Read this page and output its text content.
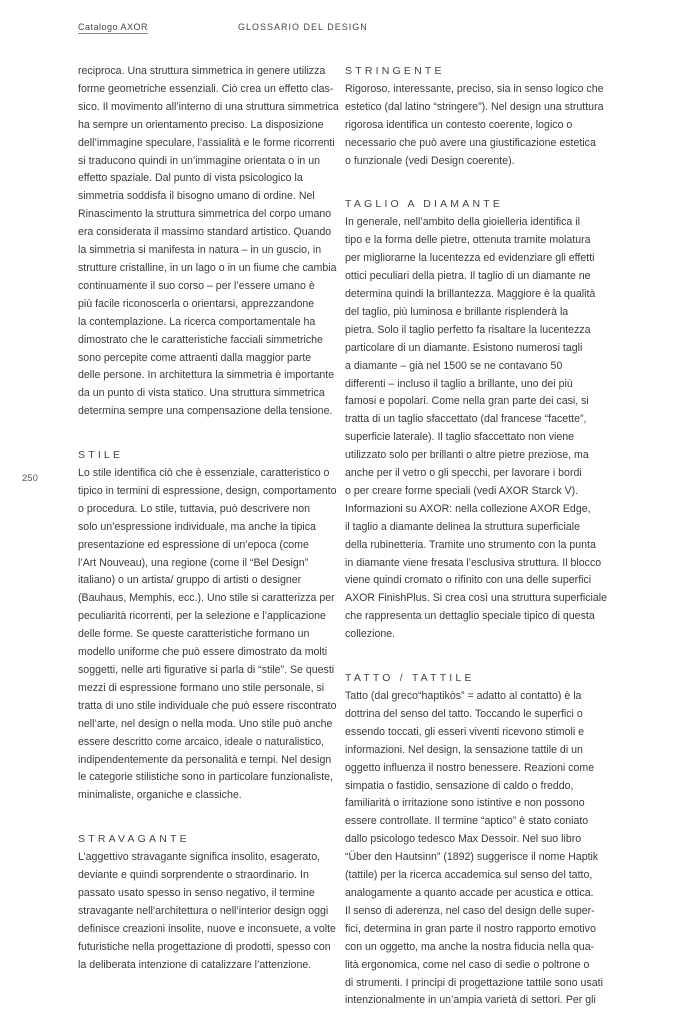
Catalogo AXOR	GLOSSARIO DEL DESIGN
250
reciproca. Una struttura simmetrica in genere utilizza
forme geometriche essenziali. Ciò crea un effetto clas-
sico. Il movimento all’interno di una struttura simmetrica
ha sempre un orientamento preciso. La disposizione
dell’immagine speculare, l’assialità e le forme ricorrenti
si traducono quindi in un’immagine orientata o in un
effetto spaziale. Dal punto di vista psicologico la
simmetria soddisfa il bisogno umano di ordine. Nel
Rinascimento la struttura simmetrica del corpo umano
era considerata il massimo standard artistico. Quando
la simmetria si manifesta in natura – in un guscio, in
strutture cristalline, in un lago o in un fiume che cambia
continuamente il suo corso – per l’essere umano è
più facile riconoscerla o orientarsi, apprezzandone
la contemplazione. La ricerca comportamentale ha
dimostrato che le caratteristiche facciali simmetriche
sono percepite come attraenti dalla maggior parte
delle persone. In architettura la simmetria è importante
da un punto di vista statico. Una struttura simmetrica
determina sempre una compensazione della tensione.
STILE
Lo stile identifica ciò che è essenziale, caratteristico o
tipico in termini di espressione, design, comportamento
o procedura. Lo stile, tuttavia, può descrivere non
solo un’espressione individuale, ma anche la tipica
presentazione ed espressione di un’epoca (come
l’Art Nouveau), una regione (come il “Bel Design”
italiano) o un artista/ gruppo di artisti o designer
(Bauhaus, Memphis, ecc.). Uno stile si caratterizza per
peculiarità ricorrenti, per la selezione e l’applicazione
delle forme. Se queste caratteristiche formano un
modello uniforme che può essere dimostrato da molti
soggetti, nelle arti figurative si parla di “stile”. Se questi
mezzi di espressione formano uno stile personale, si
tratta di uno stile individuale che può essere riscontrato
nell’arte, nel design o nella moda. Uno stile può anche
essere descritto come arcaico, ideale o naturalistico,
indipendentemente da personalità e tempi. Nel design
le categorie stilistiche sono in particolare funzionaliste,
minimaliste, organiche e classiche.
STRAVAGANTE
L’aggettivo stravagante significa insolito, esagerato,
deviante e quindi sorprendente o straordinario. In
passato usato spesso in senso negativo, il termine
stravagante nell’architettura o nell’interior design oggi
definisce creazioni insolite, nuove e inconsuete, a volte
futuristiche nella progettazione di prodotti, spesso con
la deliberata intenzione di catalizzare l’attenzione.
STRINGENTE
Rigoroso, interessante, preciso, sia in senso logico che
estetico (dal latino “stringere”). Nel design una struttura
rigorosa identifica un contesto coerente, logico o
necessario che può avere una giustificazione estetica
o funzionale (vedi Design coerente).
TAGLIO A DIAMANTE
In generale, nell’ambito della gioielleria identifica il
tipo e la forma delle pietre, ottenuta tramite molatura
per migliorarne la lucentezza ed evidenziare gli effetti
ottici peculiari della pietra. Il taglio di un diamante ne
determina quindi la brillantezza. Maggiore è la qualità
del taglio, più luminosa e brillante risplenderà la
pietra. Solo il taglio perfetto fa risaltare la lucentezza
particolare di un diamante. Esistono numerosi tagli
a diamante – già nel 1500 se ne contavano 50
differenti – incluso il taglio a brillante, uno dei più
famosi e popolari. Come nella gran parte dei casi, si
tratta di un taglio sfaccettato (dal francese “facette”,
superficie laterale). Il taglio sfaccettato non viene
utilizzato solo per brillanti o altre pietre preziose, ma
anche per il vetro o gli specchi, per lavorare i bordi
o per creare forme speciali (vedi AXOR Starck V).
Informazioni su AXOR: nella collezione AXOR Edge,
il taglio a diamante delinea la struttura superficiale
della rubinetteria. Tramite uno strumento con la punta
in diamante viene fresata l’esclusiva struttura. Il blocco
viene quindi cromato o rifinito con una delle superfici
AXOR FinishPlus. Si crea così una struttura superficiale
che rappresenta un dettaglio speciale tipico di questa
collezione.
TATTO / TATTILE
Tatto (dal greco“haptikòs” = adatto al contatto) è la
dottrina del senso del tatto. Toccando le superfici o
essendo toccati, gli esseri viventi ricevono stimoli e
informazioni. Nel design, la sensazione tattile di un
oggetto influenza il nostro benessere. Reazioni come
simpatia o fastidio, sensazione di caldo o freddo,
familiarità o irritazione sono istintive e non possono
essere controllate. Il termine “aptico” è stato coniato
dallo psicologo tedesco Max Dessoir. Nel suo libro
“Über den Hautsinn” (1892) suggerisce il nome Haptik
(tattile) per la ricerca accademica sul senso del tatto,
analogamente a quanto accade per acustica e ottica.
Il senso di aderenza, nel caso del design delle super-
fici, determina in gran parte il nostro rapporto emotivo
con un oggetto, ma anche la nostra fiducia nella qua-
lità ergonomica, come nel caso di sedie o poltrone o
di strumenti. I principi di progettazione tattile sono usati
intenzionalmente in un’ampia varietà di settori. Per gli
